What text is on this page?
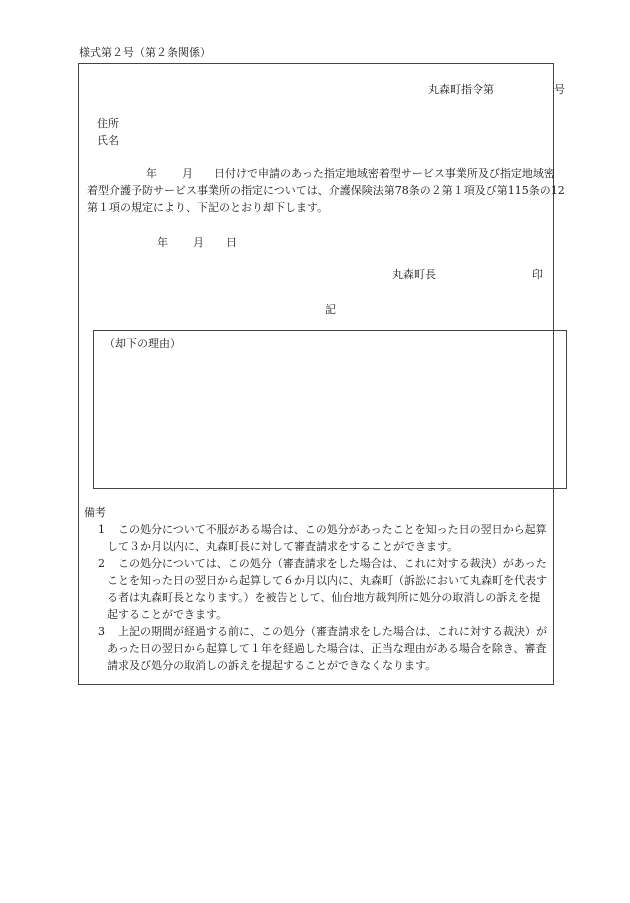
様式第２号（第２条関係）
丸森町指令第	号
住所
氏名
年 月 日付けで申請のあった指定地域密着型サービス事業所及び指定地域密
着型介護予防サービス事業所の指定については、介護保険法第78条の２第１項及び第115条の12
第１項の規定により、下記のとおり却下します。
年 月 日
丸森町長	印
記
（却下の理由）
備考
1 この処分について不服がある場合は、この処分があったことを知った日の翌日から起算
して３か月以内に、丸森町長に対して審査請求をすることができます。
2 この処分については、この処分（審査請求をした場合は、これに対する裁決）があった
ことを知った日の翌日から起算して６か月以内に、丸森町（訴訟において丸森町を代表す
る者は丸森町長となります。）を被告として、仙台地方裁判所に処分の取消しの訴えを提
起することができます。
3 上記の期間が経過する前に、この処分（審査請求をした場合は、これに対する裁決）が
あった日の翌日から起算して１年を経過した場合は、正当な理由がある場合を除き、審査
請求及び処分の取消しの訴えを提起することができなくなります。
